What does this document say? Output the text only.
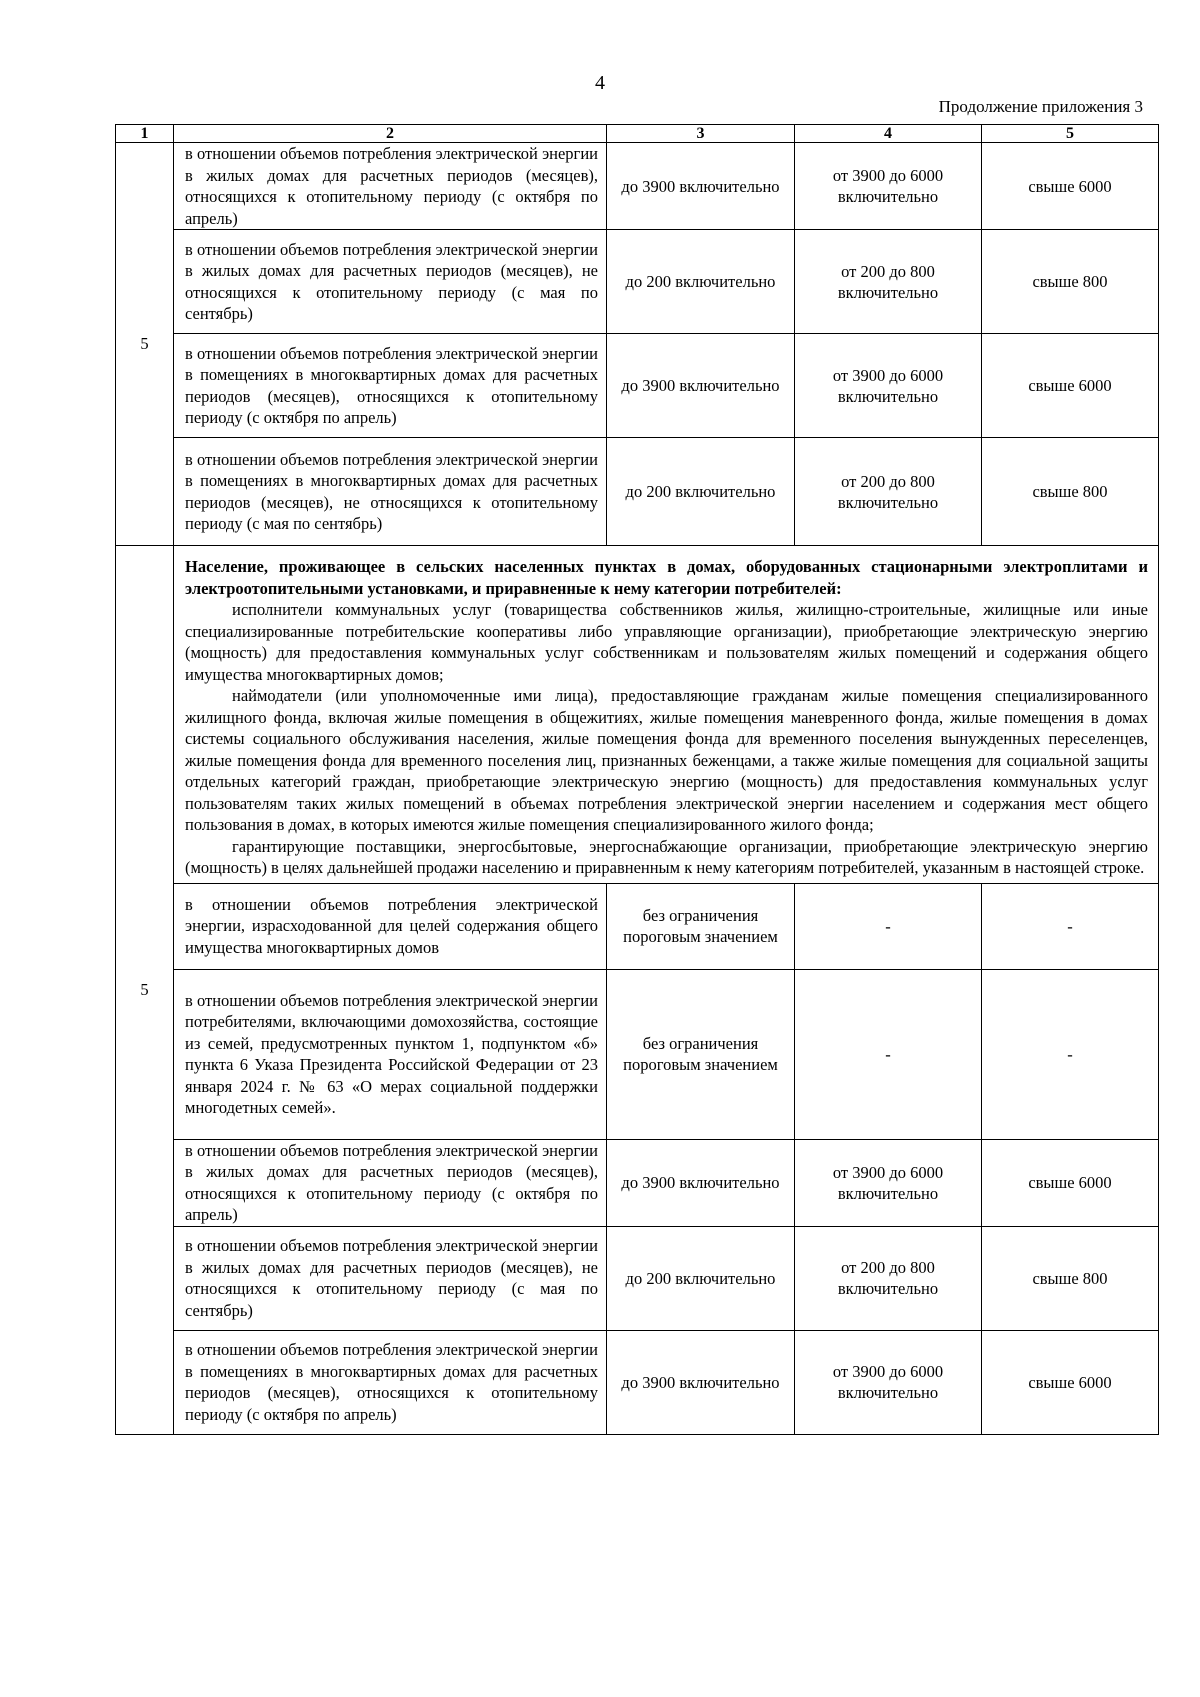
4
Продолжение приложения 3
1	2	3	4	5
5	в отношении объемов потребления электрической энергии в жилых домах для расчетных периодов (месяцев), относящихся к отопительному периоду (с октября по апрель)	до 3900 включительно	от 3900 до 6000 включительно	свыше 6000
	в отношении объемов потребления электрической энергии в жилых домах для расчетных периодов (месяцев), не относящихся к отопительному периоду (с мая по сентябрь)	до 200 включительно	от 200 до 800 включительно	свыше 800
	в отношении объемов потребления электрической энергии в помещениях в многоквартирных домах для расчетных периодов (месяцев), относящихся к отопительному периоду (с октября по апрель)	до 3900 включительно	от 3900 до 6000 включительно	свыше 6000
	в отношении объемов потребления электрической энергии в помещениях в многоквартирных домах для расчетных периодов (месяцев), не относящихся к отопительному периоду (с мая по сентябрь)	до 200 включительно	от 200 до 800 включительно	свыше 800
5	Население, проживающее в сельских населенных пунктах в домах, оборудованных стационарными электроплитами и электроотопительными установками, и приравненные к нему категории потребителей:

исполнители коммунальных услуг (товарищества собственников жилья, жилищно-строительные, жилищные или иные специализированные потребительские кооперативы либо управляющие организации), приобретающие электрическую энергию (мощность) для предоставления коммунальных услуг собственникам и пользователям жилых помещений и содержания общего имущества многоквартирных домов;

наймодатели (или уполномоченные ими лица), предоставляющие гражданам жилые помещения специализированного жилищного фонда, включая жилые помещения в общежитиях, жилые помещения маневренного фонда, жилые помещения в домах системы социального обслуживания населения, жилые помещения фонда для временного поселения вынужденных переселенцев, жилые помещения фонда для временного поселения лиц, признанных беженцами, а также жилые помещения для социальной защиты отдельных категорий граждан, приобретающие электрическую энергию (мощность) для предоставления коммунальных услуг пользователям таких жилых помещений в объемах потребления электрической энергии населением и содержания мест общего пользования в домах, в которых имеются жилые помещения специализированного жилого фонда;

гарантирующие поставщики, энергосбытовые, энергоснабжающие организации, приобретающие электрическую энергию (мощность) в целях дальнейшей продажи населению и приравненным к нему категориям потребителей, указанным в настоящей строке.			

	в отношении объемов потребления электрической энергии, израсходованной для целей содержания общего имущества многоквартирных домов	без ограничения пороговым значением	-	-
	в отношении объемов потребления электрической энергии потребителями, включающими домохозяйства, состоящие из семей, предусмотренных пунктом 1, подпунктом «б» пункта 6 Указа Президента Российской Федерации от 23 января 2024 г. № 63 «О мерах социальной поддержки многодетных семей».	без ограничения пороговым значением	-	-
	в отношении объемов потребления электрической энергии в жилых домах для расчетных периодов (месяцев), относящихся к отопительному периоду (с октября по апрель)	до 3900 включительно	от 3900 до 6000 включительно	свыше 6000
	в отношении объемов потребления электрической энергии в жилых домах для расчетных периодов (месяцев), не относящихся к отопительному периоду (с мая по сентябрь)	до 200 включительно	от 200 до 800 включительно	свыше 800
	в отношении объемов потребления электрической энергии в помещениях в многоквартирных домах для расчетных периодов (месяцев), относящихся к отопительному периоду (с октября по апрель)	до 3900 включительно	от 3900 до 6000 включительно	свыше 6000
